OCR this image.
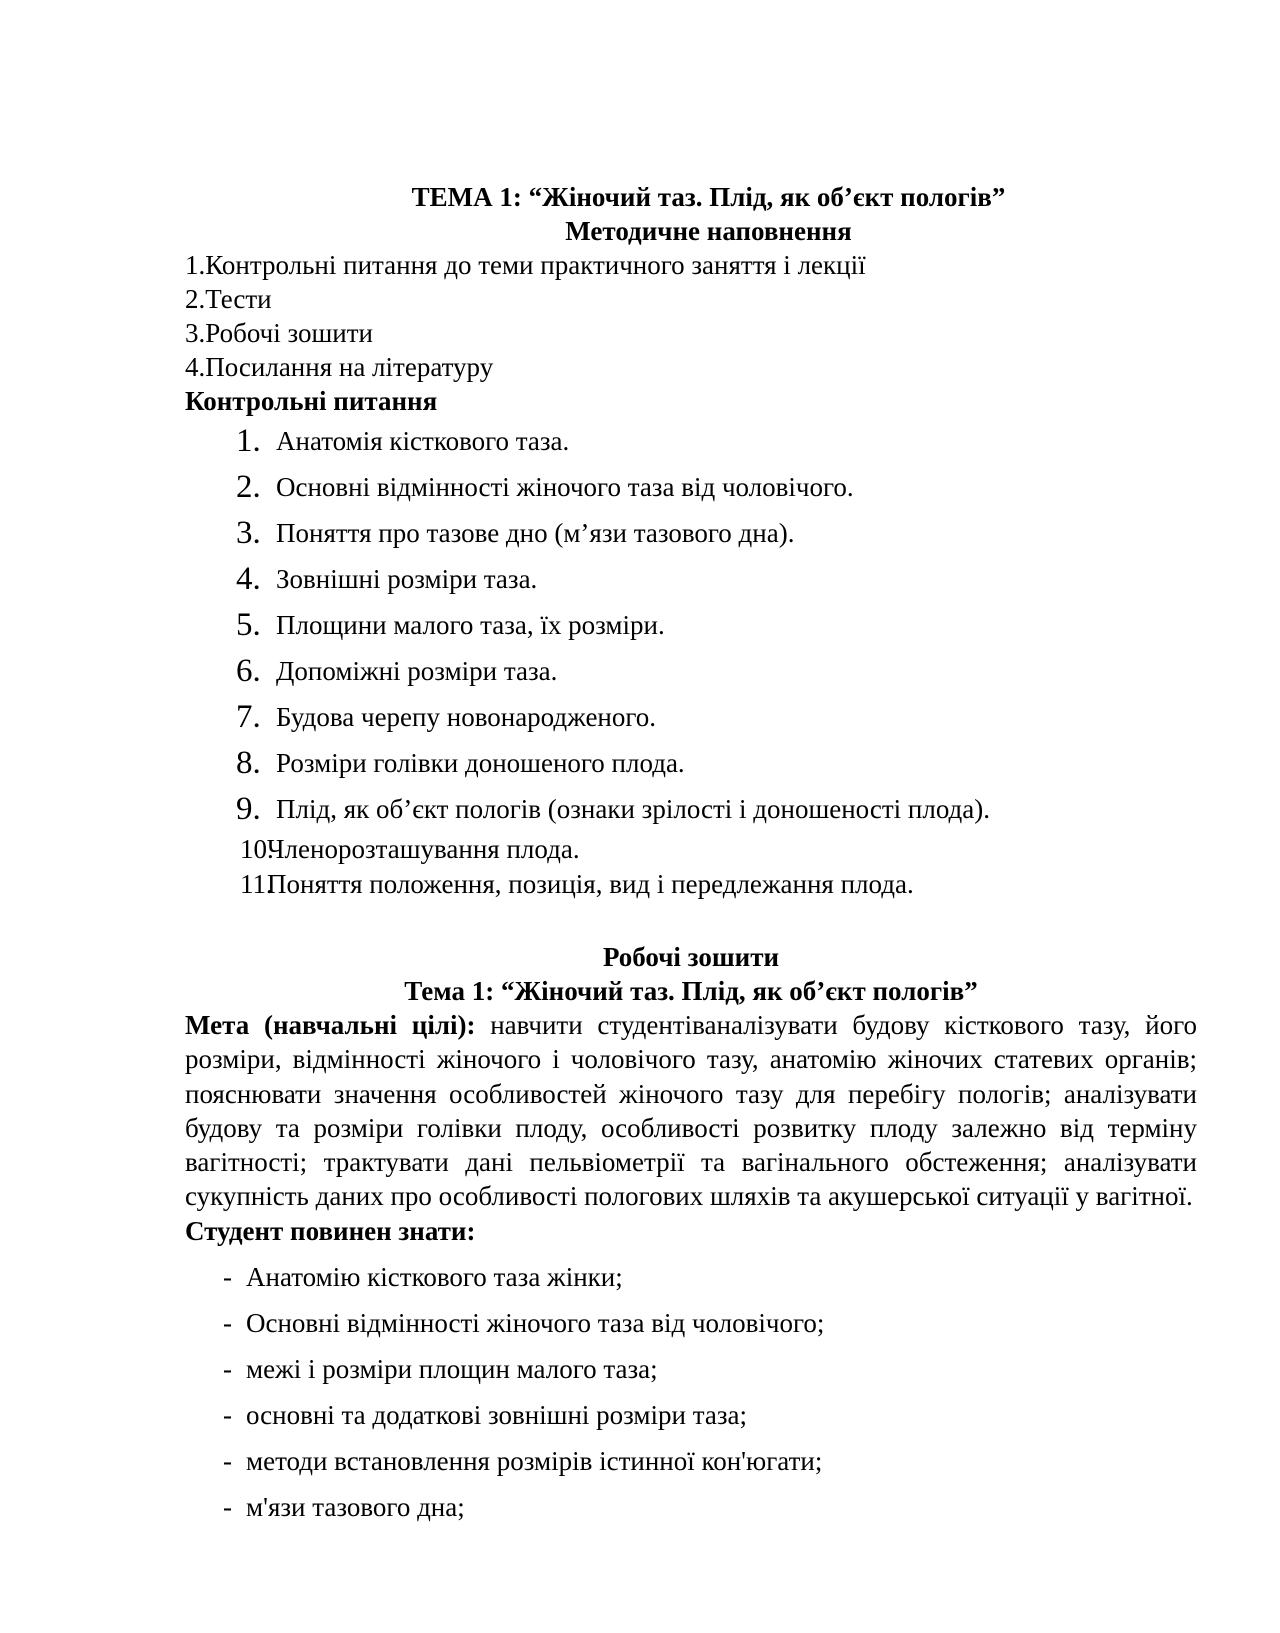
ТЕМА 1: “Жіночий таз. Плід, як об’єкт пологів”
Методичне наповнення
1.Контрольні питання до теми практичного заняття і лекції
2.Тести
3.Робочі зошити
4.Посилання на літературу
Контрольні питання
1. Анатомія кісткового таза.
2. Основні відмінності жіночого таза від чоловічого.
3. Поняття про тазове дно (м’язи тазового дна).
4. Зовнішні розміри таза.
5. Площини малого таза, їх розміри.
6. Допоміжні розміри таза.
7. Будова черепу новонародженого.
8. Розміри голівки доношеного плода.
9. Плід, як об’єкт пологів (ознаки зрілості і доношеності плода).
10.
Членорозташування плода.
11.
Поняття положення, позиція, вид і передлежання плода.
Робочі зошити
Тема 1: “Жіночий таз. Плід, як об’єкт пологів”
Мета (навчальні цілі): навчити студентіваналізувати будову кісткового тазу, його розміри, відмінності жіночого і чоловічого тазу, анатомію жіночих статевих органів; пояснювати значення особливостей жіночого тазу для перебігу пологів; аналізувати будову та розміри голівки плоду, особливості розвитку плоду залежно від терміну вагітності; трактувати дані пельвіометрії та вагінального обстеження; аналізувати сукупність даних про особливості пологових шляхів та акушерської ситуації у вагітної.
Студент повинен знати:
- Анатомію кісткового таза жінки;
- Основні відмінності жіночого таза від чоловічого;
- межі і розміри площин малого таза;
- основні та додаткові зовнішні розміри таза;
- методи встановлення розмірів істинної кон'югати;
- м'язи тазового дна;
